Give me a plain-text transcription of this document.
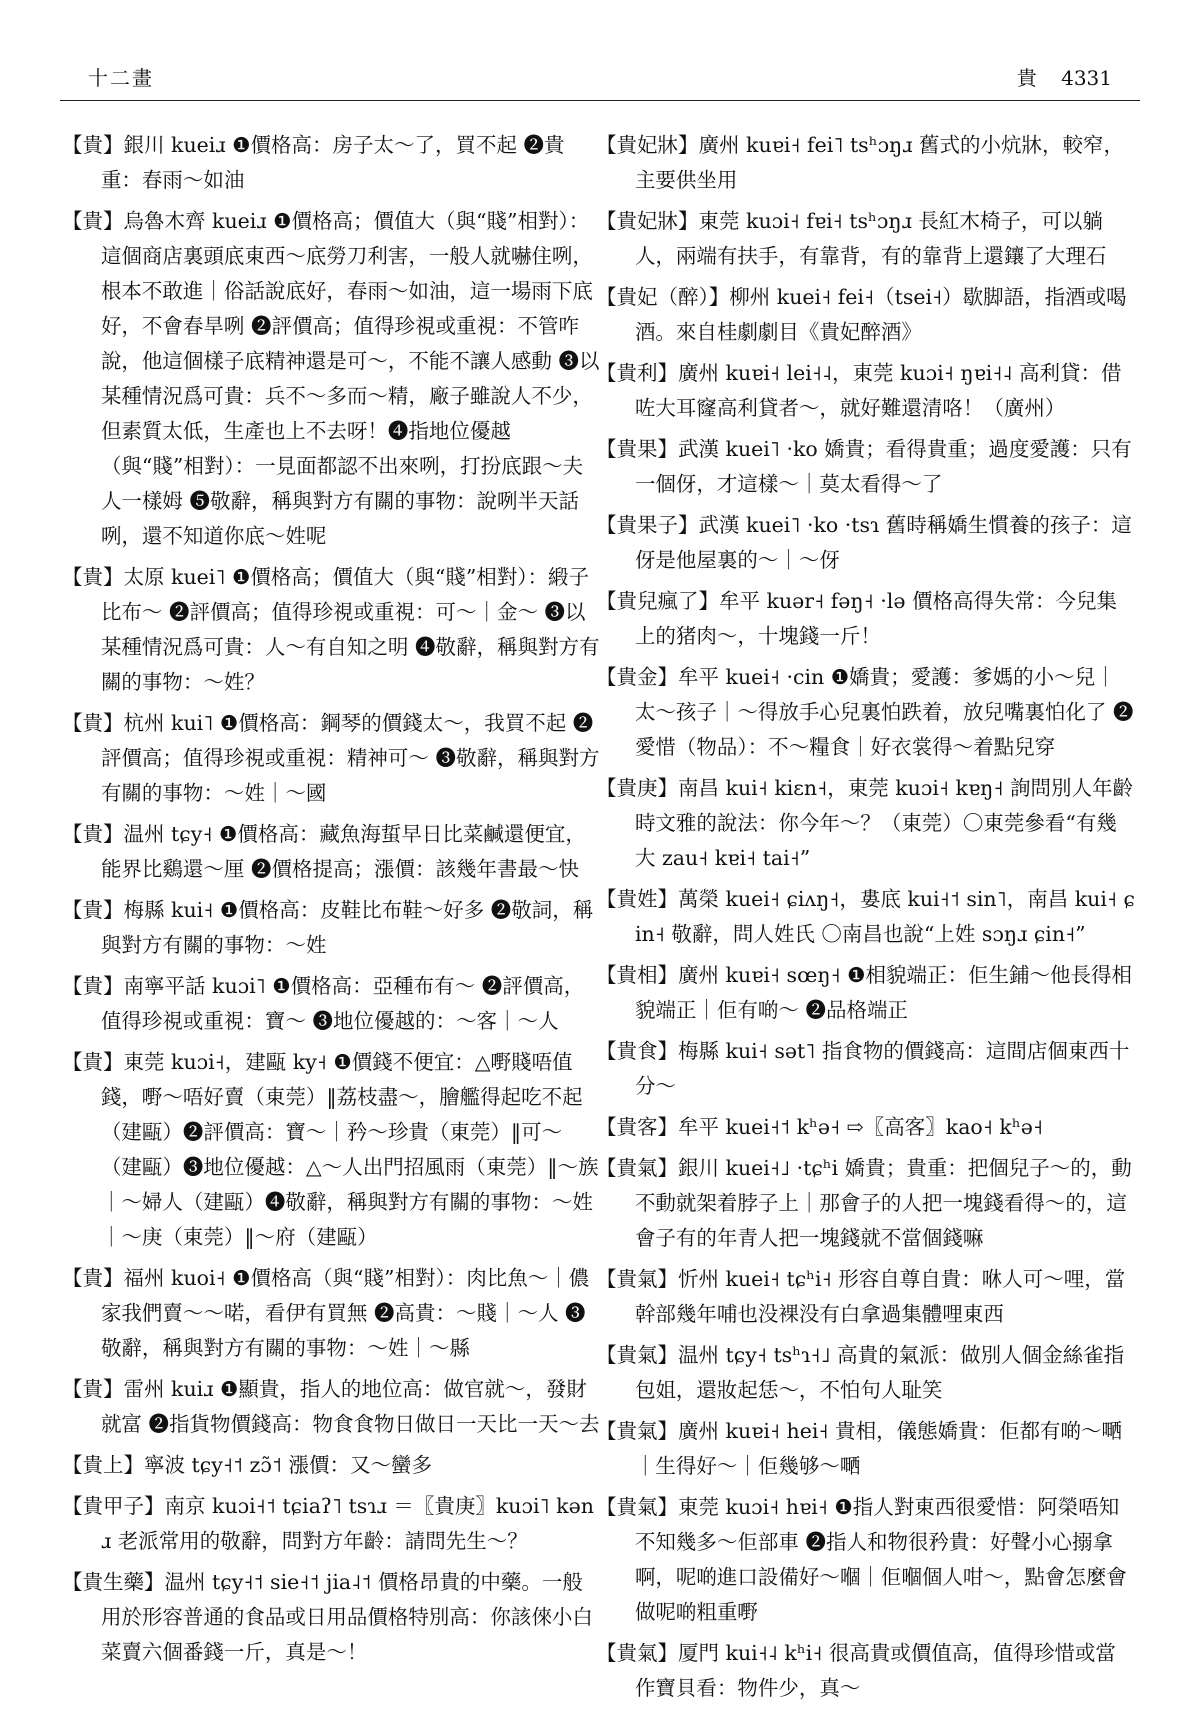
十二畫	貴 4331

【貴】銀川 kueiɹ ❶價格高：房子太～了，買不起 ❷貴重：春雨～如油

【貴】烏魯木齊 kueiɹ ❶價格高；價值大（與“賤”相對）：這個商店裏頭底東西～底勞刀利害，一般人就嚇住咧，根本不敢進｜俗話說底好，春雨～如油，這一場雨下底好，不會春旱咧 ❷評價高；值得珍視或重視：不管咋說，他這個樣子底精神還是可～，不能不讓人感動 ❸以某種情況爲可貴：兵不～多而～精，廠子雖說人不少，但素質太低，生產也上不去呀！❹指地位優越（與“賤”相對）：一見面都認不出來咧，打扮底跟～夫人一樣姆 ❺敬辭，稱與對方有關的事物：說咧半天話咧，還不知道你底～姓呢

【貴】太原 kuei˥ ❶價格高；價值大（與“賤”相對）：緞子比布～ ❷評價高；值得珍視或重視：可～｜金～ ❸以某種情況爲可貴：人～有自知之明 ❹敬辭，稱與對方有關的事物：～姓？

【貴】杭州 kui˥ ❶價格高：鋼琴的價錢太～，我買不起 ❷評價高；值得珍視或重視：精神可～ ❸敬辭，稱與對方有關的事物：～姓｜～國

【貴】温州 tɕy˧ ❶價格高：藏魚海蜇早日比菜鹹還便宜，能界比鷄還～厘 ❷價格提高；漲價：該幾年書最～快

【貴】梅縣 kui˧ ❶價格高：皮鞋比布鞋～好多 ❷敬詞，稱與對方有關的事物：～姓

【貴】南寧平話 kuɔi˥ ❶價格高：亞種布有～ ❷評價高，值得珍視或重視：寶～ ❸地位優越的：～客｜～人

【貴】東莞 kuɔi˧，建甌 ky˧ ❶價錢不便宜：△嘢賤唔值錢，嘢～唔好賣（東莞）‖荔枝盡～，膾艦得起吃不起（建甌）❷評價高：寶～｜矜～珍貴（東莞）‖可～（建甌）❸地位優越：△～人出門招風雨（東莞）‖～族｜～婦人（建甌）❹敬辭，稱與對方有關的事物：～姓｜～庚（東莞）‖～府（建甌）

【貴】福州 kuoi˧ ❶價格高（與“賤”相對）：肉比魚～｜儂家我們賣～～喏，看伊有買無 ❷高貴：～賤｜～人 ❸敬辭，稱與對方有關的事物：～姓｜～縣

【貴】雷州 kuiɹ ❶顯貴，指人的地位高：做官就～，發財就富 ❷指貨物價錢高：物食食物日做日一天比一天～去

【貴上】寧波 tɕy˧˦ zɔ̃˦ 漲價：又～蠻多

【貴甲子】南京 kuɔi˧˦ tɕiaʔ˥ tsɿɹ ＝〖貴庚〗kuɔi˥ kənɹ 老派常用的敬辭，問對方年齡：請問先生～？

【貴生藥】温州 tɕy˧˦ sie˧˦ jia˨˦ 價格昂貴的中藥。一般用於形容普通的食品或日用品價格特別高：你該倈小白菜賣六個番錢一斤，真是～！

【貴妃牀】廣州 kuɐi˧ fei˥ tsʰɔŋɹ 舊式的小炕牀，較窄，主要供坐用

【貴妃牀】東莞 kuɔi˧ fɐi˧ tsʰɔŋɹ 長紅木椅子，可以躺人，兩端有扶手，有靠背，有的靠背上還鑲了大理石

【貴妃（醉）】柳州 kuei˧ fei˧（tsei˧）歇脚語，指酒或喝酒。來自桂劇劇目《貴妃醉酒》

【貴利】廣州 kuɐi˧ lei˧˨，東莞 kuɔi˧ ŋɐi˧˨ 高利貸：借咗大耳窿高利貸者～，就好難還清咯！（廣州）

【貴果】武漢 kuei˥ ·ko 嬌貴；看得貴重；過度愛護：只有一個伢，才這樣～｜莫太看得～了

【貴果子】武漢 kuei˥ ·ko ·tsɿ 舊時稱嬌生慣養的孩子：這伢是他屋裏的～｜～伢

【貴兒瘋了】牟平 kuər˧ fəŋ˧ ·lə 價格高得失常：今兒集上的猪肉～，十塊錢一斤！

【貴金】牟平 kuei˧ ·cin ❶嬌貴；愛護：爹媽的小～兒｜太～孩子｜～得放手心兒裏怕跌着，放兒嘴裏怕化了 ❷愛惜（物品）：不～糧食｜好衣裳得～着點兒穿

【貴庚】南昌 kui˧ kiɛn˧，東莞 kuɔi˧ kɐŋ˧ 詢問別人年齡時文雅的說法：你今年～？（東莞）〇東莞參看“有幾大 zau˧ kɐi˧ tai˧”

【貴姓】萬榮 kuei˧ ɕiʌŋ˧，婁底 kui˧˦ sin˥，南昌 kui˧ ɕin˧ 敬辭，問人姓氏 〇南昌也說“上姓 sɔŋɹ ɕin˧”

【貴相】廣州 kuɐi˧ sœŋ˧ ❶相貌端正：佢生鋪～他長得相貌端正｜佢有啲～ ❷品格端正

【貴食】梅縣 kui˧ sət˥ 指食物的價錢高：這間店個東西十分～

【貴客】牟平 kuei˧˦ kʰə˧ ⇨〖高客〗kao˧ kʰə˧

【貴氣】銀川 kuei˧˩ ·tɕʰi 嬌貴；貴重：把個兒子～的，動不動就架着脖子上｜那會子的人把一塊錢看得～的，這會子有的年青人把一塊錢就不當個錢嘛

【貴氣】忻州 kuei˧ tɕʰi˧ 形容自尊自貴：咻人可～哩，當幹部幾年哺也没裸没有白拿過集體哩東西

【貴氣】温州 tɕy˧ tsʰɿ˧˩ 高貴的氣派：做別人個金絲雀指包姐，還妝起恁～，不怕句人耻笑

【貴氣】廣州 kuɐi˧ hei˧ 貴相，儀態嬌貴：佢都有啲～嗮｜生得好～｜佢幾够～嗮

【貴氣】東莞 kuɔi˧ hɐi˧ ❶指人對東西很愛惜：阿榮唔知不知幾多～佢部車 ❷指人和物很矜貴：好聲小心搦拿啊，呢啲進口設備好～嗰｜佢嗰個人咁～，點會怎麼會做呢啲粗重嘢

【貴氣】厦門 kui˧˨ kʰi˧ 很高貴或價值高，值得珍惜或當作寶貝看：物件少，真～
